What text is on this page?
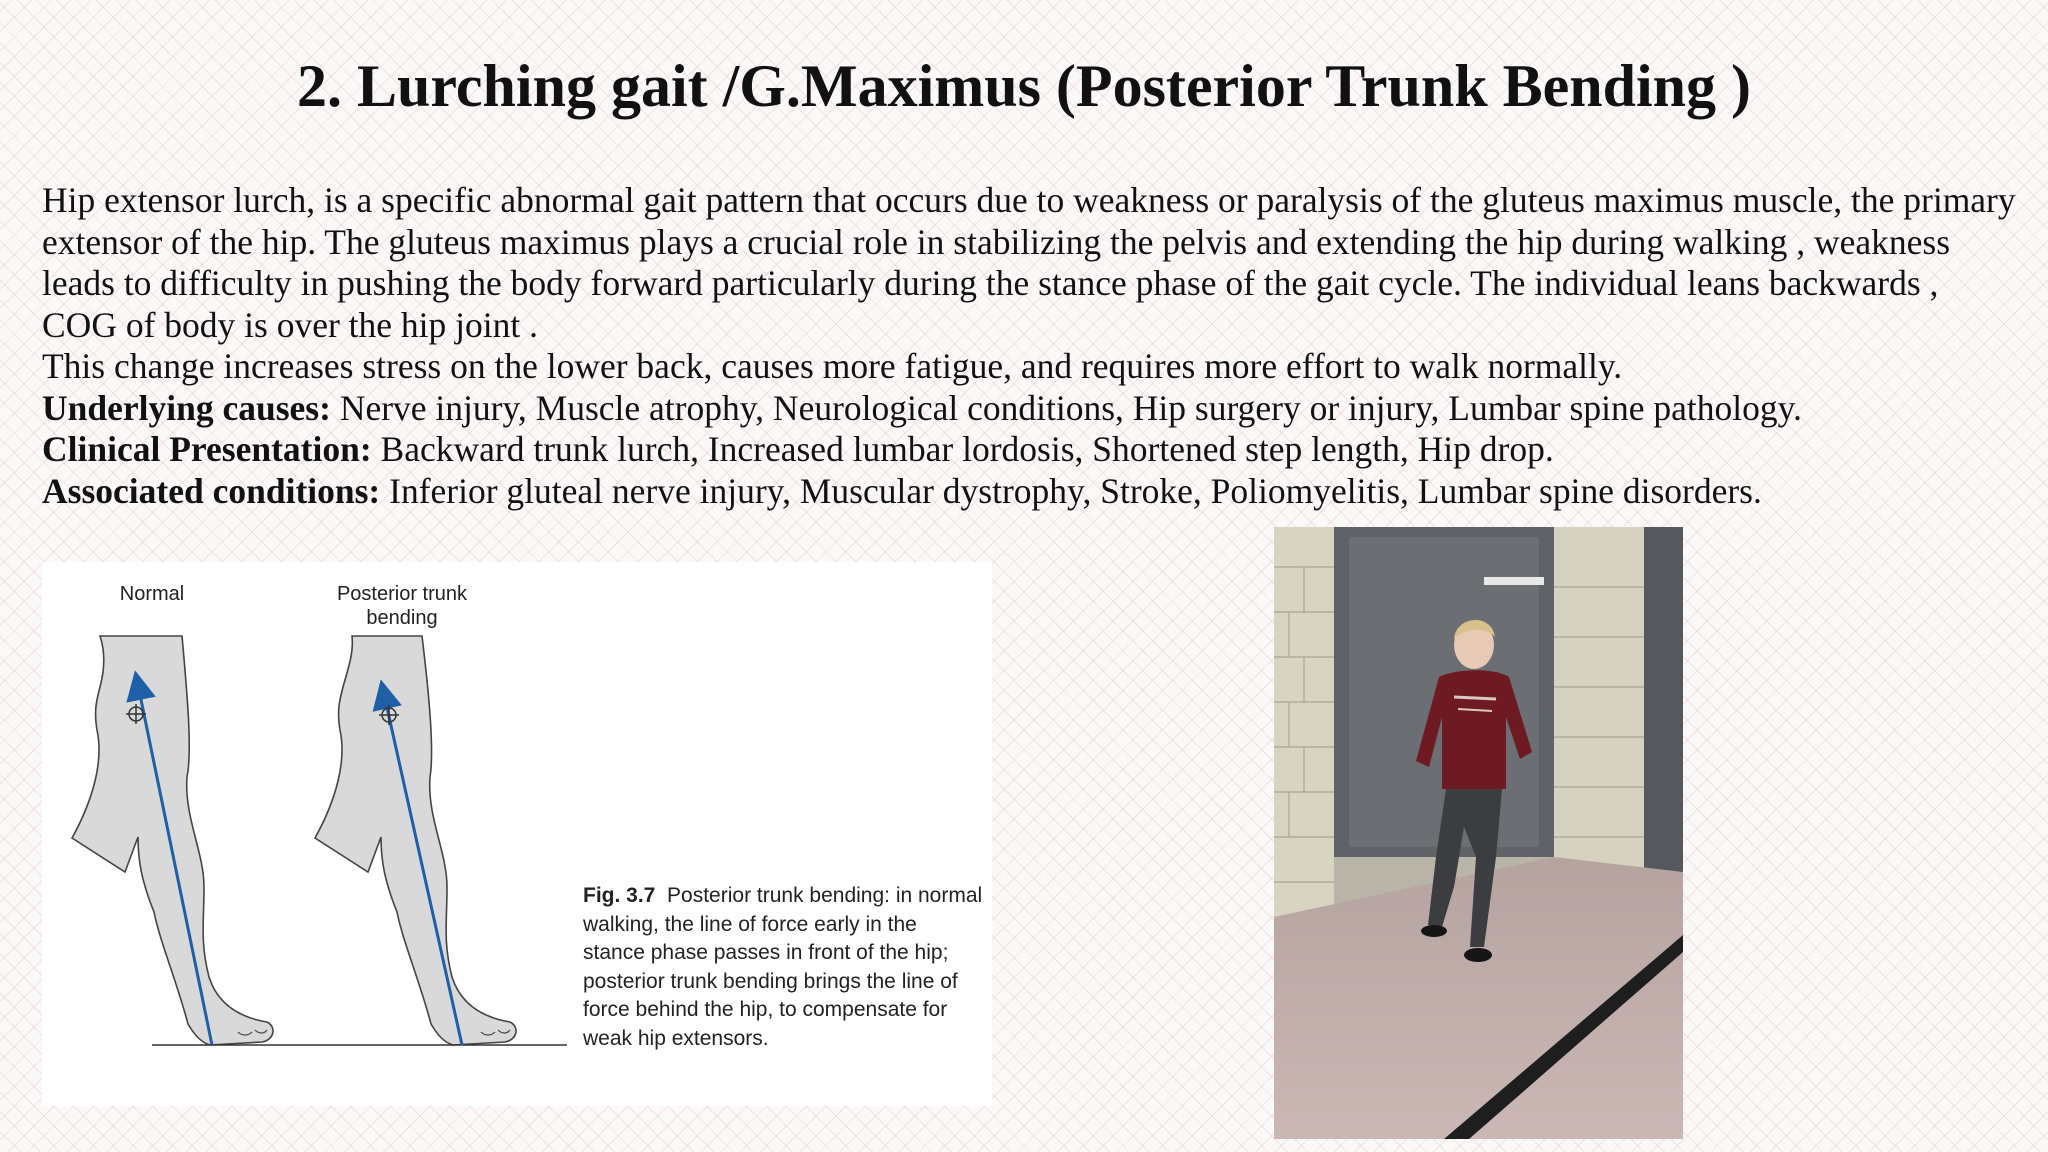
2. Lurching gait /G.Maximus (Posterior Trunk Bending )

Hip extensor lurch, is a specific abnormal gait pattern that occurs due to weakness or paralysis of the gluteus maximus muscle, the primary extensor of the hip. The gluteus maximus plays a crucial role in stabilizing the pelvis and extending the hip during walking , weakness leads to difficulty in pushing the body forward particularly during the stance phase of the gait cycle. The individual leans backwards , COG of body is over the hip joint .

This change increases stress on the lower back, causes more fatigue, and requires more effort to walk normally.

Underlying causes: Nerve injury, Muscle atrophy, Neurological conditions, Hip surgery or injury, Lumbar spine pathology.

Clinical Presentation: Backward trunk lurch, Increased lumbar lordosis, Shortened step length, Hip drop.

Associated conditions: Inferior gluteal nerve injury, Muscular dystrophy, Stroke, Poliomyelitis, Lumbar spine disorders.

Normal	Posterior trunk
bending
Fig. 3.7 Posterior trunk bending: in normal walking, the line of force early in the stance phase passes in front of the hip; posterior trunk bending brings the line of force behind the hip, to compensate for weak hip extensors.
